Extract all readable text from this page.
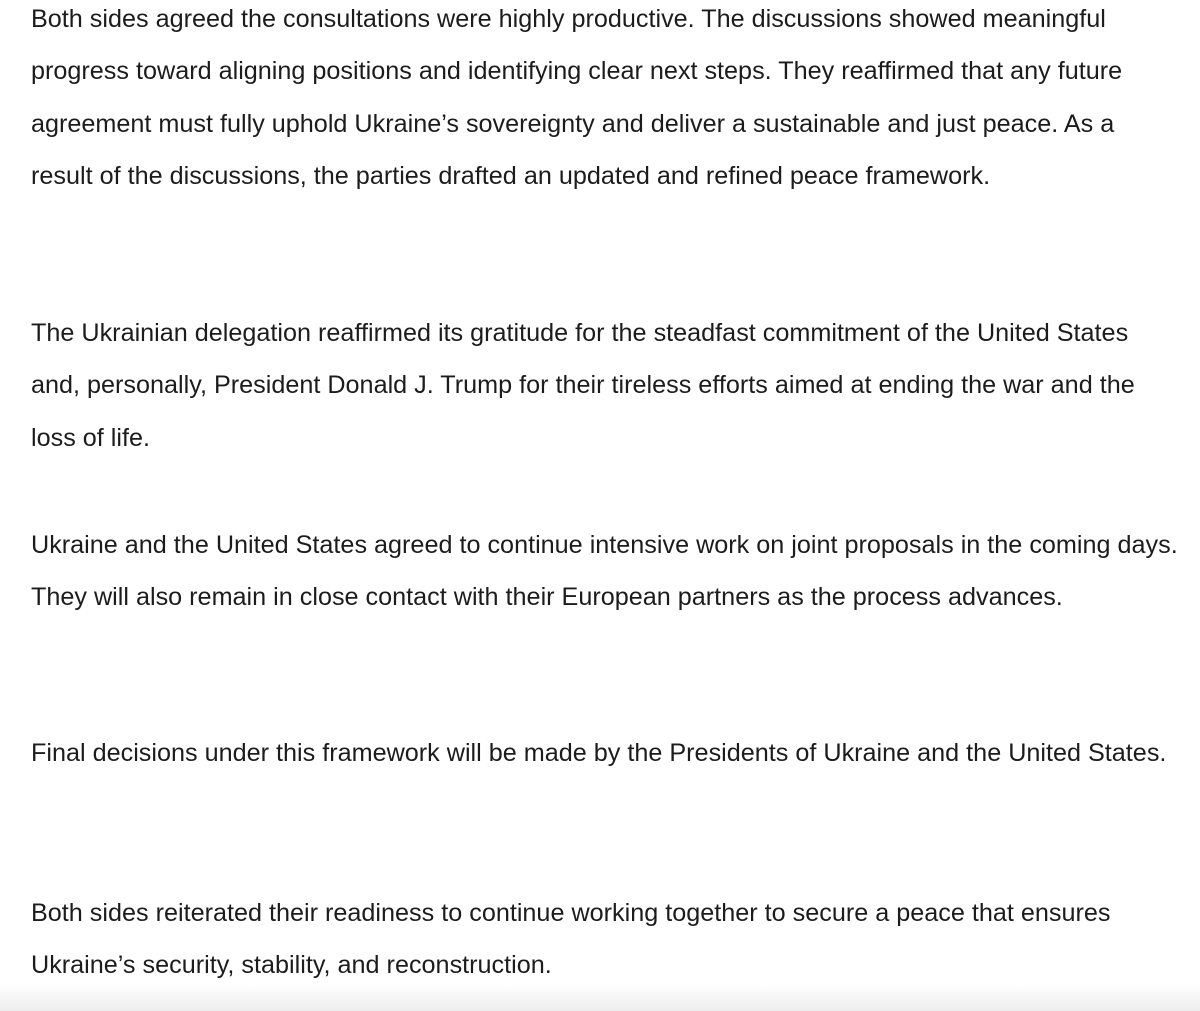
Both sides agreed the consultations were highly productive. The discussions showed meaningful progress toward aligning positions and identifying clear next steps. They reaffirmed that any future agreement must fully uphold Ukraine’s sovereignty and deliver a sustainable and just peace. As a result of the discussions, the parties drafted an updated and refined peace framework.

The Ukrainian delegation reaffirmed its gratitude for the steadfast commitment of the United States and, personally, President Donald J. Trump for their tireless efforts aimed at ending the war and the loss of life.

Ukraine and the United States agreed to continue intensive work on joint proposals in the coming days. They will also remain in close contact with their European partners as the process advances.

Final decisions under this framework will be made by the Presidents of Ukraine and the United States.

Both sides reiterated their readiness to continue working together to secure a peace that ensures Ukraine’s security, stability, and reconstruction.
